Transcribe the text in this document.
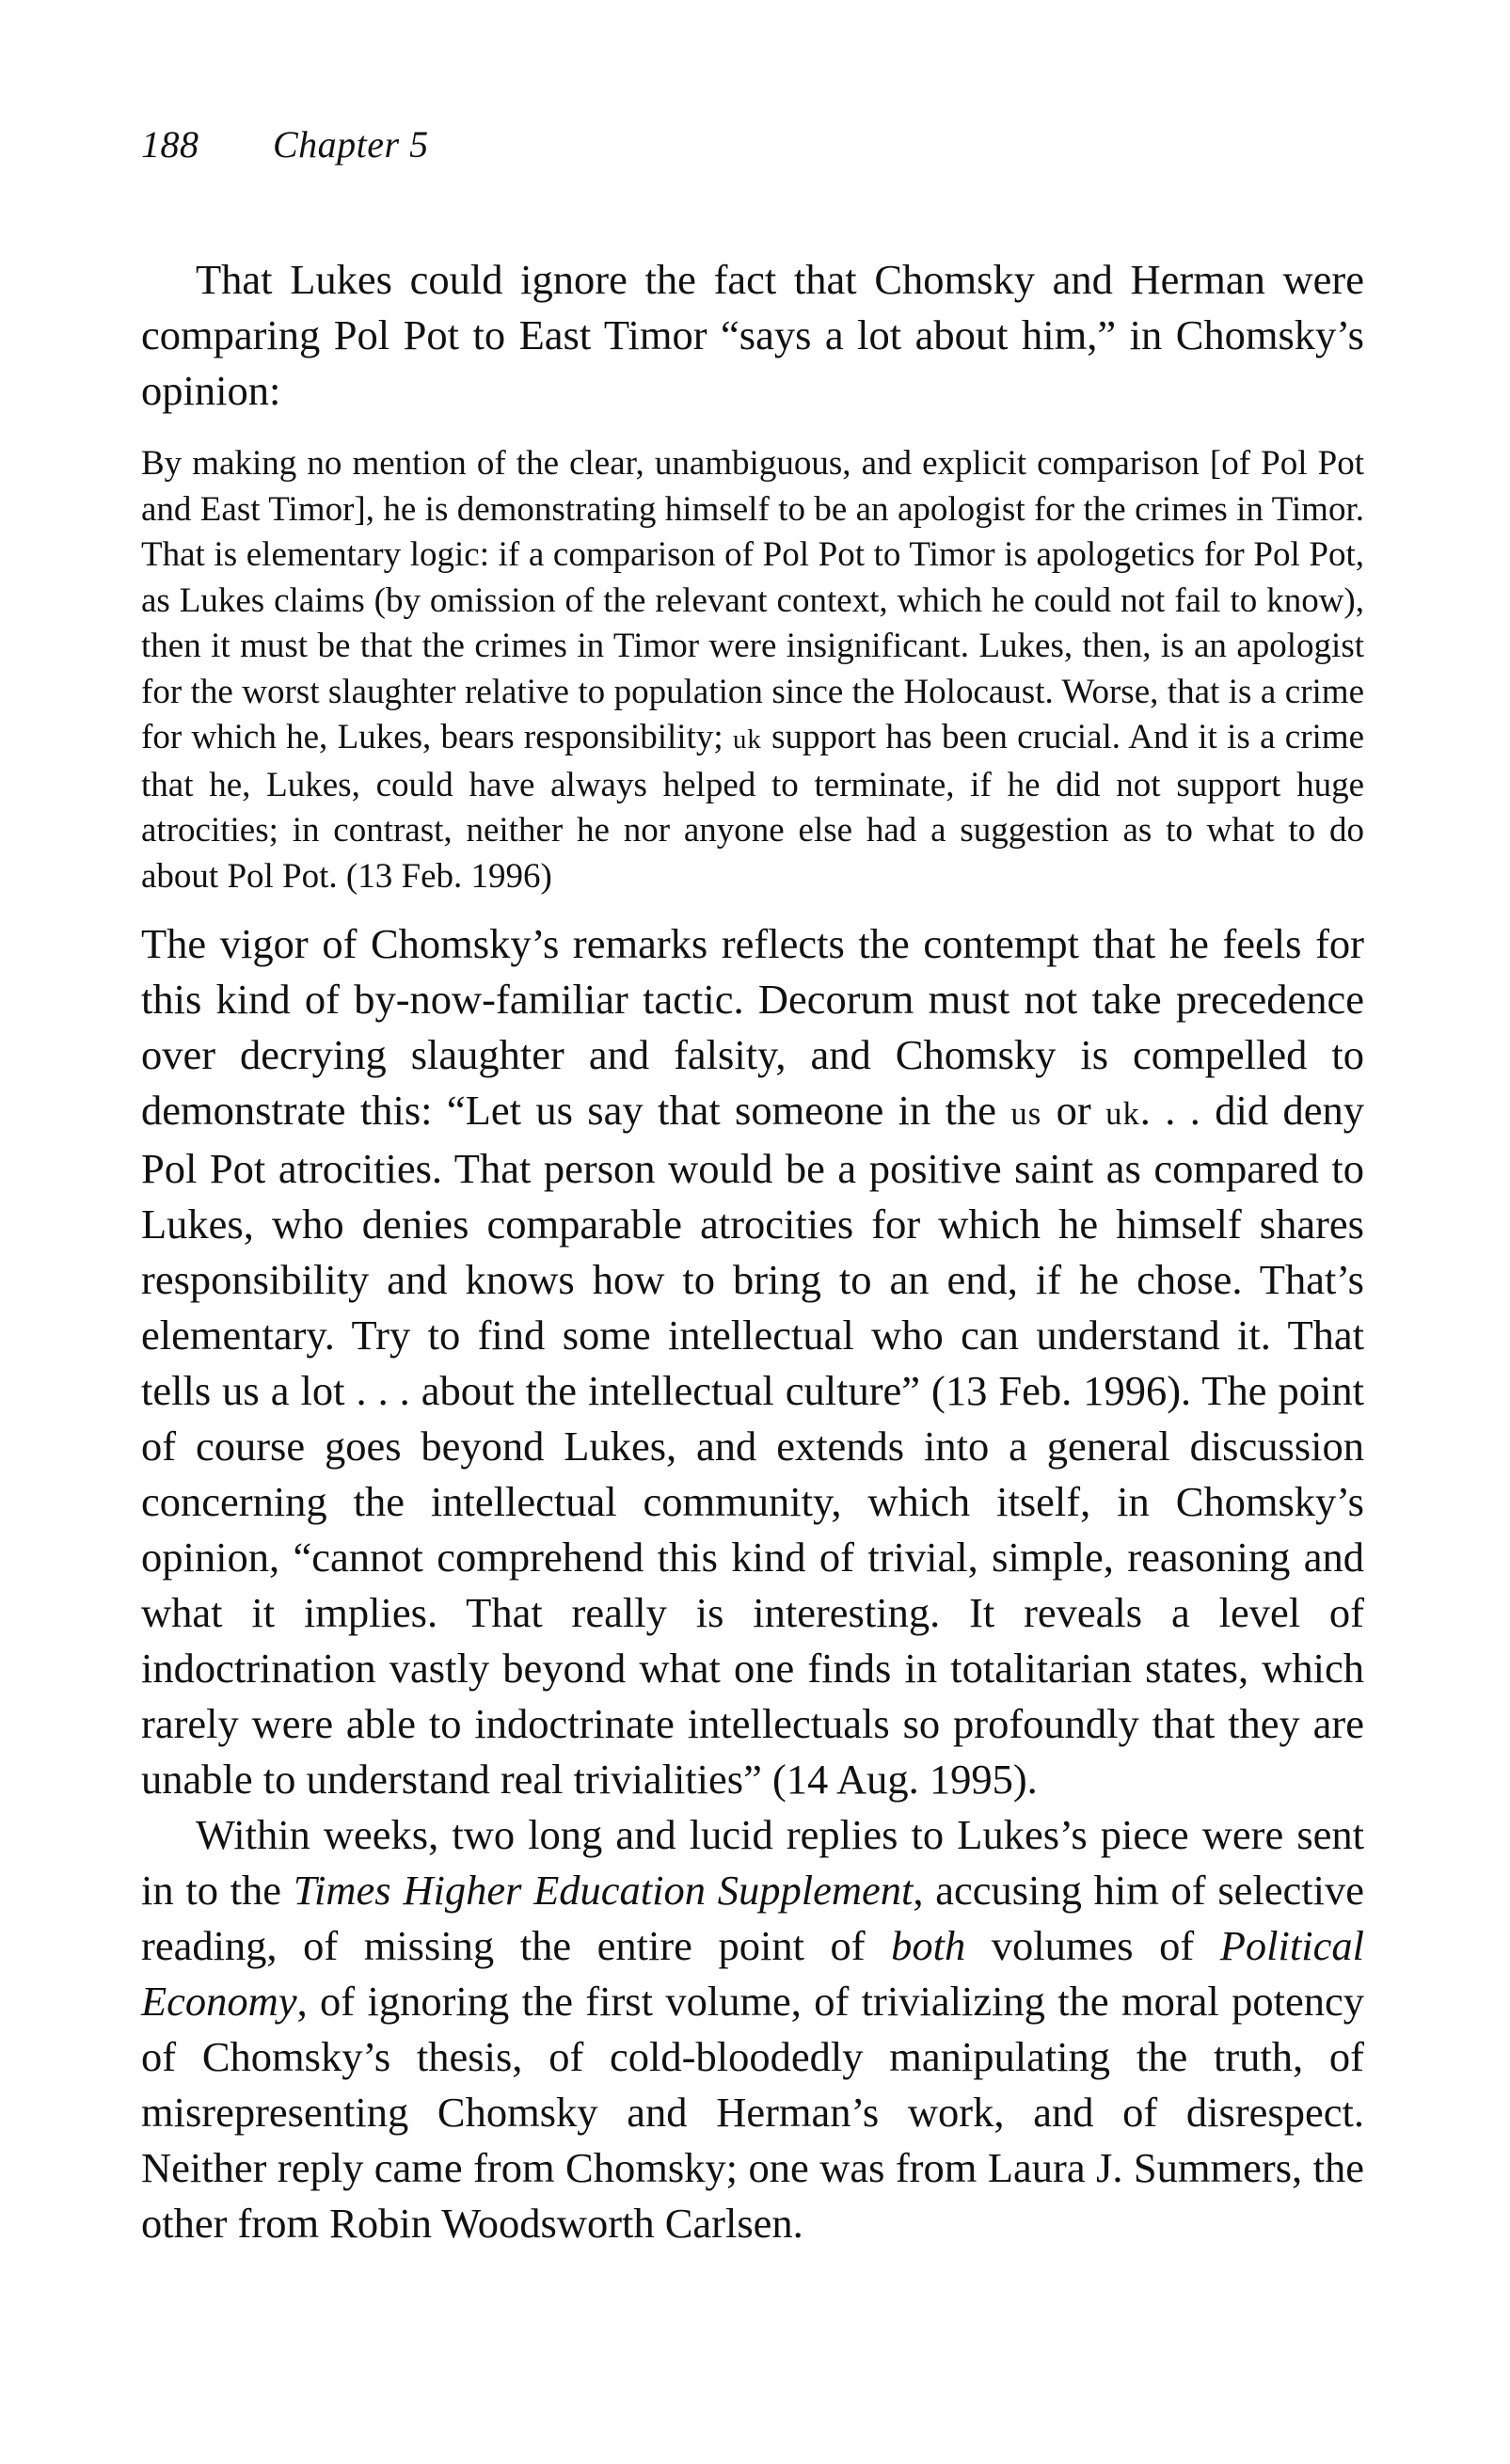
188 Chapter 5

That Lukes could ignore the fact that Chomsky and Herman were comparing Pol Pot to East Timor “says a lot about him,” in Chomsky’s opinion:

By making no mention of the clear, unambiguous, and explicit comparison [of Pol Pot and East Timor], he is demonstrating himself to be an apologist for the crimes in Timor. That is elementary logic: if a comparison of Pol Pot to Timor is apologetics for Pol Pot, as Lukes claims (by omission of the relevant context, which he could not fail to know), then it must be that the crimes in Timor were insignificant. Lukes, then, is an apologist for the worst slaughter relative to population since the Holocaust. Worse, that is a crime for which he, Lukes, bears responsibility; uk support has been crucial. And it is a crime that he, Lukes, could have always helped to terminate, if he did not support huge atrocities; in contrast, neither he nor anyone else had a suggestion as to what to do about Pol Pot. (13 Feb. 1996)

The vigor of Chomsky’s remarks reflects the contempt that he feels for this kind of by-now-familiar tactic. Decorum must not take precedence over decrying slaughter and falsity, and Chomsky is compelled to demonstrate this: “Let us say that someone in the us or uk. . . did deny Pol Pot atrocities. That person would be a positive saint as compared to Lukes, who denies comparable atrocities for which he himself shares responsibility and knows how to bring to an end, if he chose. That’s elementary. Try to find some intellectual who can understand it. That tells us a lot . . . about the intellectual culture” (13 Feb. 1996). The point of course goes beyond Lukes, and extends into a general discussion concerning the intellectual community, which itself, in Chomsky’s opinion, “cannot comprehend this kind of trivial, simple, reasoning and what it implies. That really is interesting. It reveals a level of indoctrination vastly beyond what one finds in totalitarian states, which rarely were able to indoctrinate intellectuals so profoundly that they are unable to understand real trivialities” (14 Aug. 1995).

Within weeks, two long and lucid replies to Lukes’s piece were sent in to the Times Higher Education Supplement, accusing him of selective reading, of missing the entire point of both volumes of Political Economy, of ignoring the first volume, of trivializing the moral potency of Chomsky’s thesis, of cold-bloodedly manipulating the truth, of misrepresenting Chomsky and Herman’s work, and of disrespect. Neither reply came from Chomsky; one was from Laura J. Summers, the other from Robin Woodsworth Carlsen.
